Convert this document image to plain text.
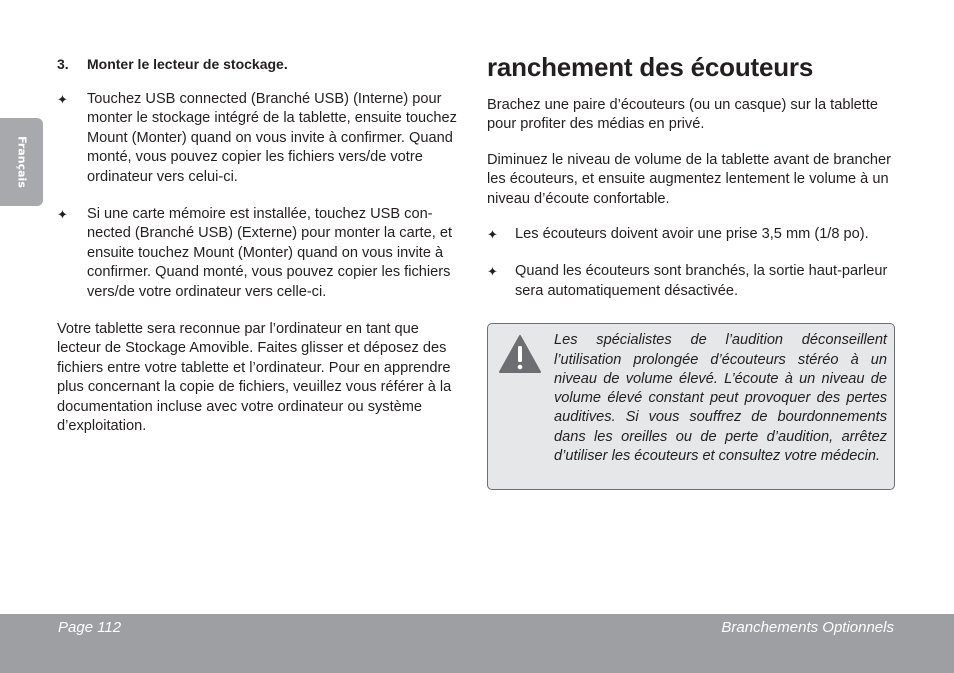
Français
3. Monter le lecteur de stockage.
✦ Touchez USB connected (Branché USB) (Interne) pour monter le stockage intégré de la tablette, ensuite touchez Mount (Monter) quand on vous invite à confirmer. Quand monté, vous pouvez copier les fichiers vers/de votre ordinateur vers celui-ci.
✦ Si une carte mémoire est installée, touchez USB con-nected (Branché USB) (Externe) pour monter la carte, et ensuite touchez Mount (Monter) quand on vous invite à confirmer. Quand monté, vous pouvez copier les fichiers vers/de votre ordinateur vers celle-ci.

Votre tablette sera reconnue par l’ordinateur en tant que lecteur de Stockage Amovible. Faites glisser et déposez des fichiers entre votre tablette et l’ordinateur. Pour en apprendre plus concernant la copie de fichiers, veuillez vous référer à la documentation incluse avec votre ordinateur ou système d’exploitation.

ranchement des écouteurs

Brachez une paire d’écouteurs (ou un casque) sur la tablette pour profiter des médias en privé.

Diminuez le niveau de volume de la tablette avant de brancher les écouteurs, et ensuite augmentez lentement le volume à un niveau d’écoute confortable.

✦ Les écouteurs doivent avoir une prise 3,5 mm (1/8 po).
✦ Quand les écouteurs sont branchés, la sortie haut-parleur sera automatiquement désactivée.
Les spécialistes de l’audition déconseillent l’utilisation prolongée d’écouteurs stéréo à un niveau de volume élevé. L’écoute à un niveau de volume élevé constant peut provoquer des pertes auditives. Si vous souffrez de bourdonnements dans les oreilles ou de perte d’audition, arrêtez d’utiliser les écouteurs et consultez votre médecin.
Page 112	Branchements Optionnels
